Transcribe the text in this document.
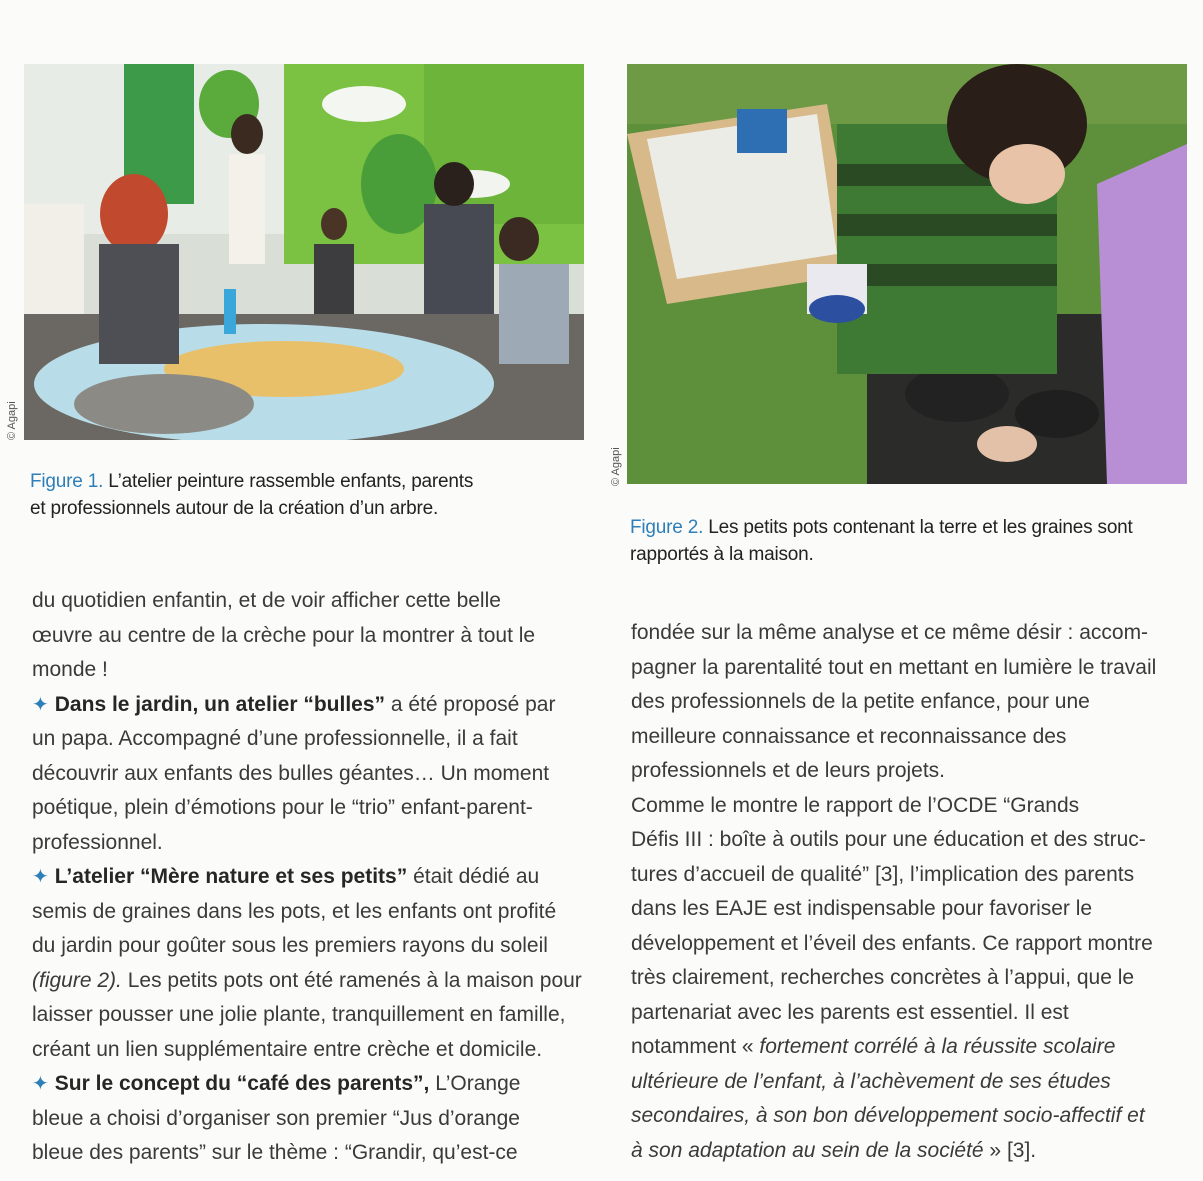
© Agapi
Figure 1. L’atelier peinture rassemble enfants, parents
et professionnels autour de la création d’un arbre.
© Agapi
Figure 2. Les petits pots contenant la terre et les graines sont
rapportés à la maison.

du quotidien enfantin, et de voir afficher cette belle
œuvre au centre de la crèche pour la montrer à tout le
monde !

✦ Dans le jardin, un atelier “bulles” a été proposé par
un papa. Accompagné d’une professionnelle, il a fait
découvrir aux enfants des bulles géantes… Un moment
poétique, plein d’émotions pour le “trio” enfant-parent-
professionnel.

✦ L’atelier “Mère nature et ses petits” était dédié au
semis de graines dans les pots, et les enfants ont profité
du jardin pour goûter sous les premiers rayons du soleil
(figure 2). Les petits pots ont été ramenés à la maison pour
laisser pousser une jolie plante, tranquillement en famille,
créant un lien supplémentaire entre crèche et domicile.

✦ Sur le concept du “café des parents”, L’Orange
bleue a choisi d’organiser son premier “Jus d’orange
bleue des parents” sur le thème : “Grandir, qu’est-ce

fondée sur la même analyse et ce même désir : accom-
pagner la parentalité tout en mettant en lumière le travail
des professionnels de la petite enfance, pour une
meilleure connaissance et reconnaissance des
professionnels et de leurs projets.

Comme le montre le rapport de l’OCDE “Grands
Défis III : boîte à outils pour une éducation et des struc-
tures d’accueil de qualité” [3], l’implication des parents
dans les EAJE est indispensable pour favoriser le
développement et l’éveil des enfants. Ce rapport montre
très clairement, recherches concrètes à l’appui, que le
partenariat avec les parents est essentiel. Il est
notamment « fortement corrélé à la réussite scolaire
ultérieure de l’enfant, à l’achèvement de ses études
secondaires, à son bon développement socio-affectif et
à son adaptation au sein de la société » [3].
